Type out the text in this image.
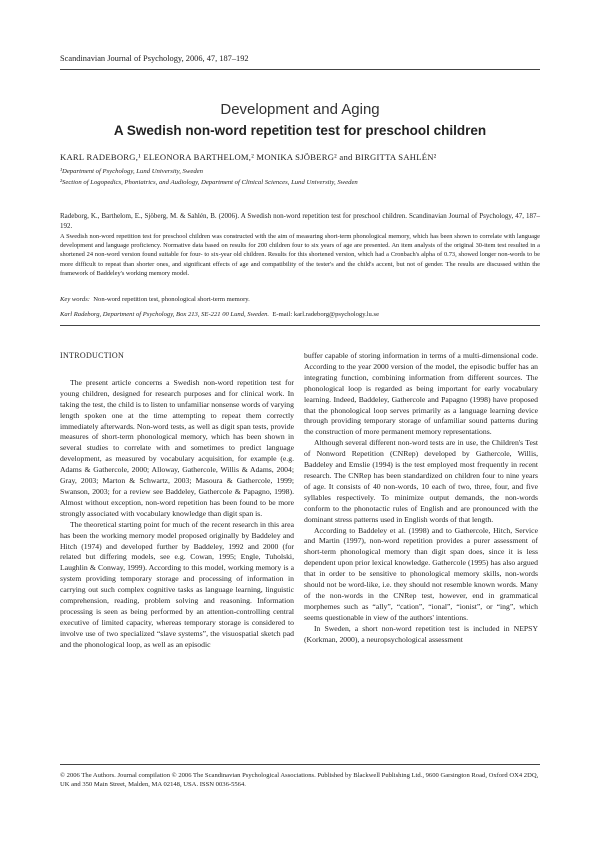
Scandinavian Journal of Psychology, 2006, 47, 187–192
Development and Aging
A Swedish non-word repetition test for preschool children
KARL RADEBORG,¹ ELEONORA BARTHELOM,² MONIKA SJÖBERG² and BIRGITTA SAHLÉN²
¹Department of Psychology, Lund University, Sweden
²Section of Logopedics, Phoniatrics, and Audiology, Department of Clinical Sciences, Lund University, Sweden
Radeborg, K., Barthelom, E., Sjöberg, M. & Sahlén, B. (2006). A Swedish non-word repetition test for preschool children. Scandinavian Journal of Psychology, 47, 187–192.
A Swedish non-word repetition test for preschool children was constructed with the aim of measuring short-term phonological memory, which has been shown to correlate with language development and language proficiency. Normative data based on results for 200 children four to six years of age are presented. An item analysis of the original 30-item test resulted in a shortened 24 non-word version found suitable for four- to six-year old children. Results for this shortened version, which had a Cronbach's alpha of 0.73, showed longer non-words to be more difficult to repeat than shorter ones, and significant effects of age and compatibility of the tester's and the child's accent, but not of gender. The results are discussed within the framework of Baddeley's working memory model.
Key words: Non-word repetition test, phonological short-term memory.
Karl Radeborg, Department of Psychology, Box 213, SE-221 00 Lund, Sweden. E-mail: karl.radeborg@psychology.lu.se

INTRODUCTION

The present article concerns a Swedish non-word repetition test for young children, designed for research purposes and for clinical work. In taking the test, the child is to listen to unfamiliar nonsense words of varying length spoken one at the time attempting to repeat them correctly immediately afterwards. Non-word tests, as well as digit span tests, provide measures of short-term phonological memory, which has been shown in several studies to correlate with and sometimes to predict language development, as measured by vocabulary acquisition, for example (e.g. Adams & Gathercole, 2000; Alloway, Gathercole, Willis & Adams, 2004; Gray, 2003; Marton & Schwartz, 2003; Masoura & Gathercole, 1999; Swanson, 2003; for a review see Baddeley, Gathercole & Papagno, 1998). Almost without exception, non-word repetition has been found to be more strongly associated with vocabulary knowledge than digit span is.

The theoretical starting point for much of the recent research in this area has been the working memory model proposed originally by Baddeley and Hitch (1974) and developed further by Baddeley, 1992 and 2000 (for related but differing models, see e.g. Cowan, 1995; Engle, Tuholski, Laughlin & Conway, 1999). According to this model, working memory is a system providing temporary storage and processing of information in carrying out such complex cognitive tasks as language learning, linguistic comprehension, reading, problem solving and reasoning. Information processing is seen as being performed by an attention-controlling central executive of limited capacity, whereas temporary storage is considered to involve use of two specialized “slave systems”, the visuospatial sketch pad and the phonological loop, as well as an episodic

buffer capable of storing information in terms of a multi-dimensional code. According to the year 2000 version of the model, the episodic buffer has an integrating function, combining information from different sources. The phonological loop is regarded as being important for early vocabulary learning. Indeed, Baddeley, Gathercole and Papagno (1998) have proposed that the phonological loop serves primarily as a language learning device through providing temporary storage of unfamiliar sound patterns during the construction of more permanent memory representations.

Although several different non-word tests are in use, the Children's Test of Nonword Repetition (CNRep) developed by Gathercole, Willis, Baddeley and Emslie (1994) is the test employed most frequently in recent research. The CNRep has been standardized on children four to nine years of age. It consists of 40 non-words, 10 each of two, three, four, and five syllables respectively. To minimize output demands, the non-words conform to the phonotactic rules of English and are pronounced with the dominant stress patterns used in English words of that length.

According to Baddeley et al. (1998) and to Gathercole, Hitch, Service and Martin (1997), non-word repetition provides a purer assessment of short-term phonological memory than digit span does, since it is less dependent upon prior lexical knowledge. Gathercole (1995) has also argued that in order to be sensitive to phonological memory skills, non-words should not be word-like, i.e. they should not resemble known words. Many of the non-words in the CNRep test, however, end in grammatical morphemes such as “ally”, “cation”, “ional”, “ionist”, or “ing”, which seems questionable in view of the authors' intentions.

In Sweden, a short non-word repetition test is included in NEPSY (Korkman, 2000), a neuropsychological assessment

© 2006 The Authors. Journal compilation © 2006 The Scandinavian Psychological Associations. Published by Blackwell Publishing Ltd., 9600 Garsington Road, Oxford OX4 2DQ, UK and 350 Main Street, Malden, MA 02148, USA. ISSN 0036-5564.
